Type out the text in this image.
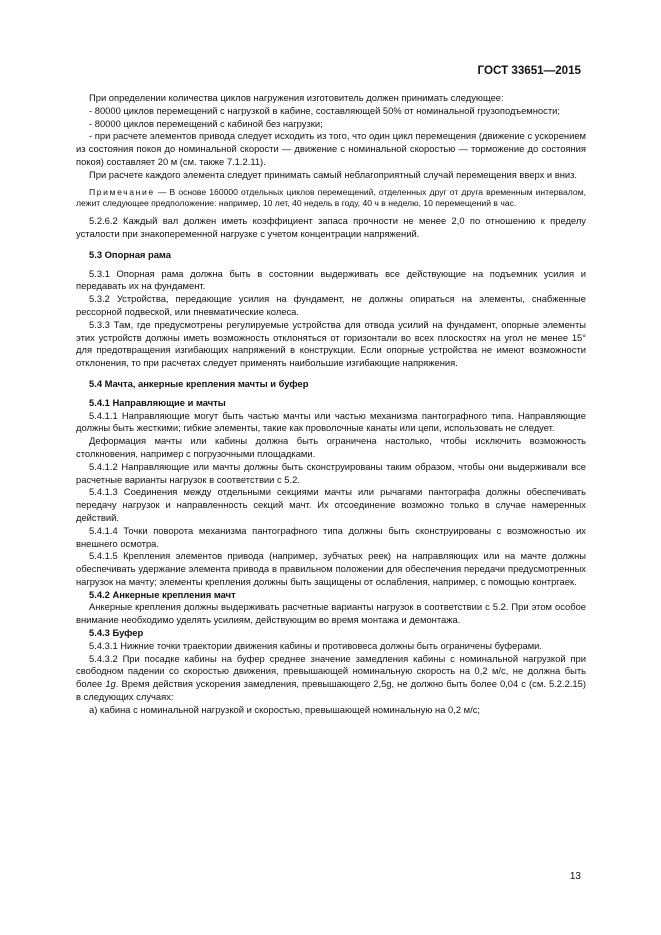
ГОСТ 33651—2015
При определении количества циклов нагружения изготовитель должен принимать следующее:
- 80000 циклов перемещений с нагрузкой в кабине, составляющей 50% от номинальной грузоподъемности;
- 80000 циклов перемещений с кабиной без нагрузки;
- при расчете элементов привода следует исходить из того, что один цикл перемещения (движение с ускорением из состояния покоя до номинальной скорости — движение с номинальной скоростью — торможение до состояния покоя) составляет 20 м (см. также 7.1.2.11).
При расчете каждого элемента следует принимать самый неблагоприятный случай перемещения вверх и вниз.
Примечание — В основе 160000 отдельных циклов перемещений, отделенных друг от друга временным интервалом, лежит следующее предположение: например, 10 лет, 40 недель в году, 40 ч в неделю, 10 перемещений в час.
5.2.6.2 Каждый вал должен иметь коэффициент запаса прочности не менее 2,0 по отношению к пределу усталости при знакопеременной нагрузке с учетом концентрации напряжений.
5.3 Опорная рама
5.3.1 Опорная рама должна быть в состоянии выдерживать все действующие на подъемник усилия и передавать их на фундамент.
5.3.2 Устройства, передающие усилия на фундамент, не должны опираться на элементы, снабженные рессорной подвеской, или пневматические колеса.
5.3.3 Там, где предусмотрены регулируемые устройства для отвода усилий на фундамент, опорные элементы этих устройств должны иметь возможность отклоняться от горизонтали во всех плоскостях на угол не менее 15° для предотвращения изгибающих напряжений в конструкции. Если опорные устройства не имеют возможности отклонения, то при расчетах следует применять наибольшие изгибающие напряжения.
5.4 Мачта, анкерные крепления мачты и буфер
5.4.1 Направляющие и мачты
5.4.1.1 Направляющие могут быть частью мачты или частью механизма пантографного типа. Направляющие должны быть жесткими; гибкие элементы, такие как проволочные канаты или цепи, использовать не следует.
Деформация мачты или кабины должна быть ограничена настолько, чтобы исключить возможность столкновения, например с погрузочными площадками.
5.4.1.2 Направляющие или мачты должны быть сконструированы таким образом, чтобы они выдерживали все расчетные варианты нагрузок в соответствии с 5.2.
5.4.1.3 Соединения между отдельными секциями мачты или рычагами пантографа должны обеспечивать передачу нагрузок и направленность секций мачт. Их отсоединение возможно только в случае намеренных действий.
5.4.1.4 Точки поворота механизма пантографного типа должны быть сконструированы с возможностью их внешнего осмотра.
5.4.1.5 Крепления элементов привода (например, зубчатых реек) на направляющих или на мачте должны обеспечивать удержание элемента привода в правильном положении для обеспечения передачи предусмотренных нагрузок на мачту; элементы крепления должны быть защищены от ослабления, например, с помощью контргаек.
5.4.2 Анкерные крепления мачт
Анкерные крепления должны выдерживать расчетные варианты нагрузок в соответствии с 5.2. При этом особое внимание необходимо уделять усилиям, действующим во время монтажа и демонтажа.
5.4.3 Буфер
5.4.3.1 Нижние точки траектории движения кабины и противовеса должны быть ограничены буферами.
5.4.3.2 При посадке кабины на буфер среднее значение замедления кабины с номинальной нагрузкой при свободном падении со скоростью движения, превышающей номинальную скорость на 0,2 м/с, не должна быть более 1g. Время действия ускорения замедления, превышающего 2,5g, не должно быть более 0,04 с (см. 5.2.2.15) в следующих случаях:
а) кабина с номинальной нагрузкой и скоростью, превышающей номинальную на 0,2 м/с;
13
